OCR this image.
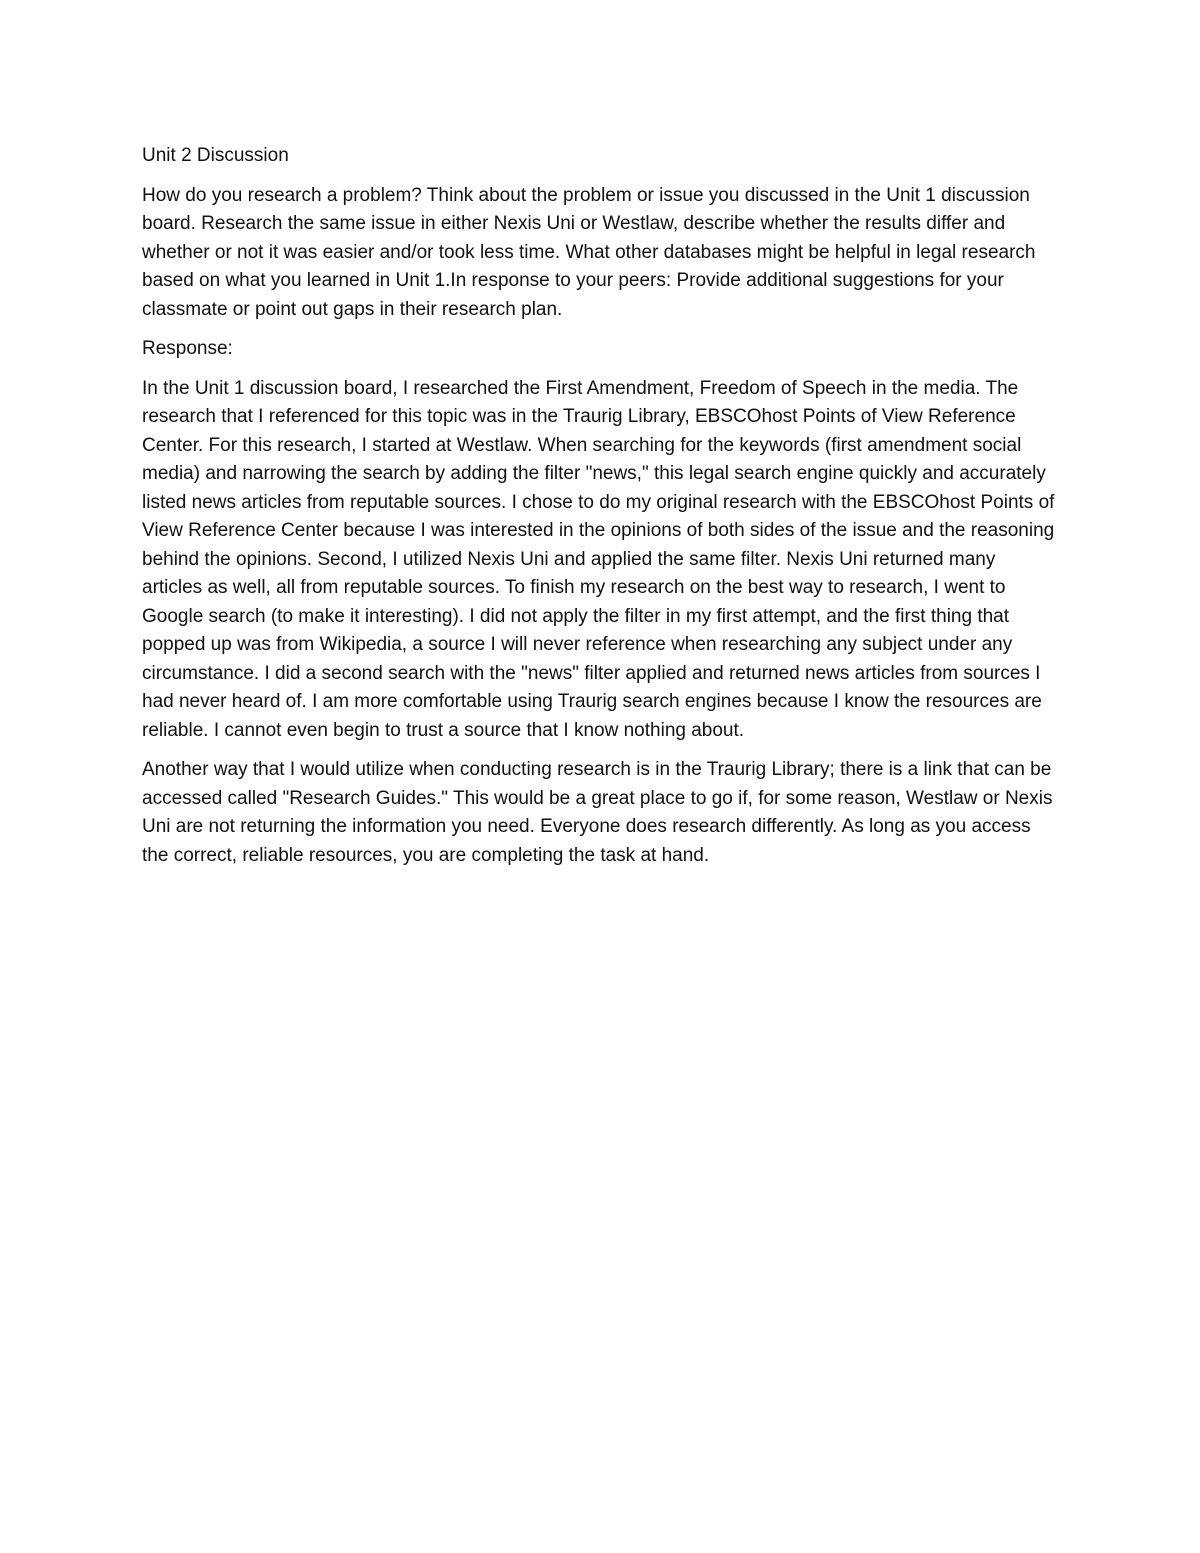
Unit 2 Discussion

How do you research a problem? Think about the problem or issue you discussed in the Unit 1 discussion board. Research the same issue in either Nexis Uni or Westlaw, describe whether the results differ and whether or not it was easier and/or took less time. What other databases might be helpful in legal research based on what you learned in Unit 1.In response to your peers: Provide additional suggestions for your classmate or point out gaps in their research plan.

Response:

In the Unit 1 discussion board, I researched the First Amendment, Freedom of Speech in the media. The research that I referenced for this topic was in the Traurig Library, EBSCOhost Points of View Reference Center. For this research, I started at Westlaw. When searching for the keywords (first amendment social media) and narrowing the search by adding the filter "news," this legal search engine quickly and accurately listed news articles from reputable sources. I chose to do my original research with the EBSCOhost Points of View Reference Center because I was interested in the opinions of both sides of the issue and the reasoning behind the opinions. Second, I utilized Nexis Uni and applied the same filter. Nexis Uni returned many articles as well, all from reputable sources. To finish my research on the best way to research, I went to Google search (to make it interesting). I did not apply the filter in my first attempt, and the first thing that popped up was from Wikipedia, a source I will never reference when researching any subject under any circumstance. I did a second search with the "news" filter applied and returned news articles from sources I had never heard of. I am more comfortable using Traurig search engines because I know the resources are reliable. I cannot even begin to trust a source that I know nothing about.

Another way that I would utilize when conducting research is in the Traurig Library; there is a link that can be accessed called "Research Guides." This would be a great place to go if, for some reason, Westlaw or Nexis Uni are not returning the information you need. Everyone does research differently. As long as you access the correct, reliable resources, you are completing the task at hand.
